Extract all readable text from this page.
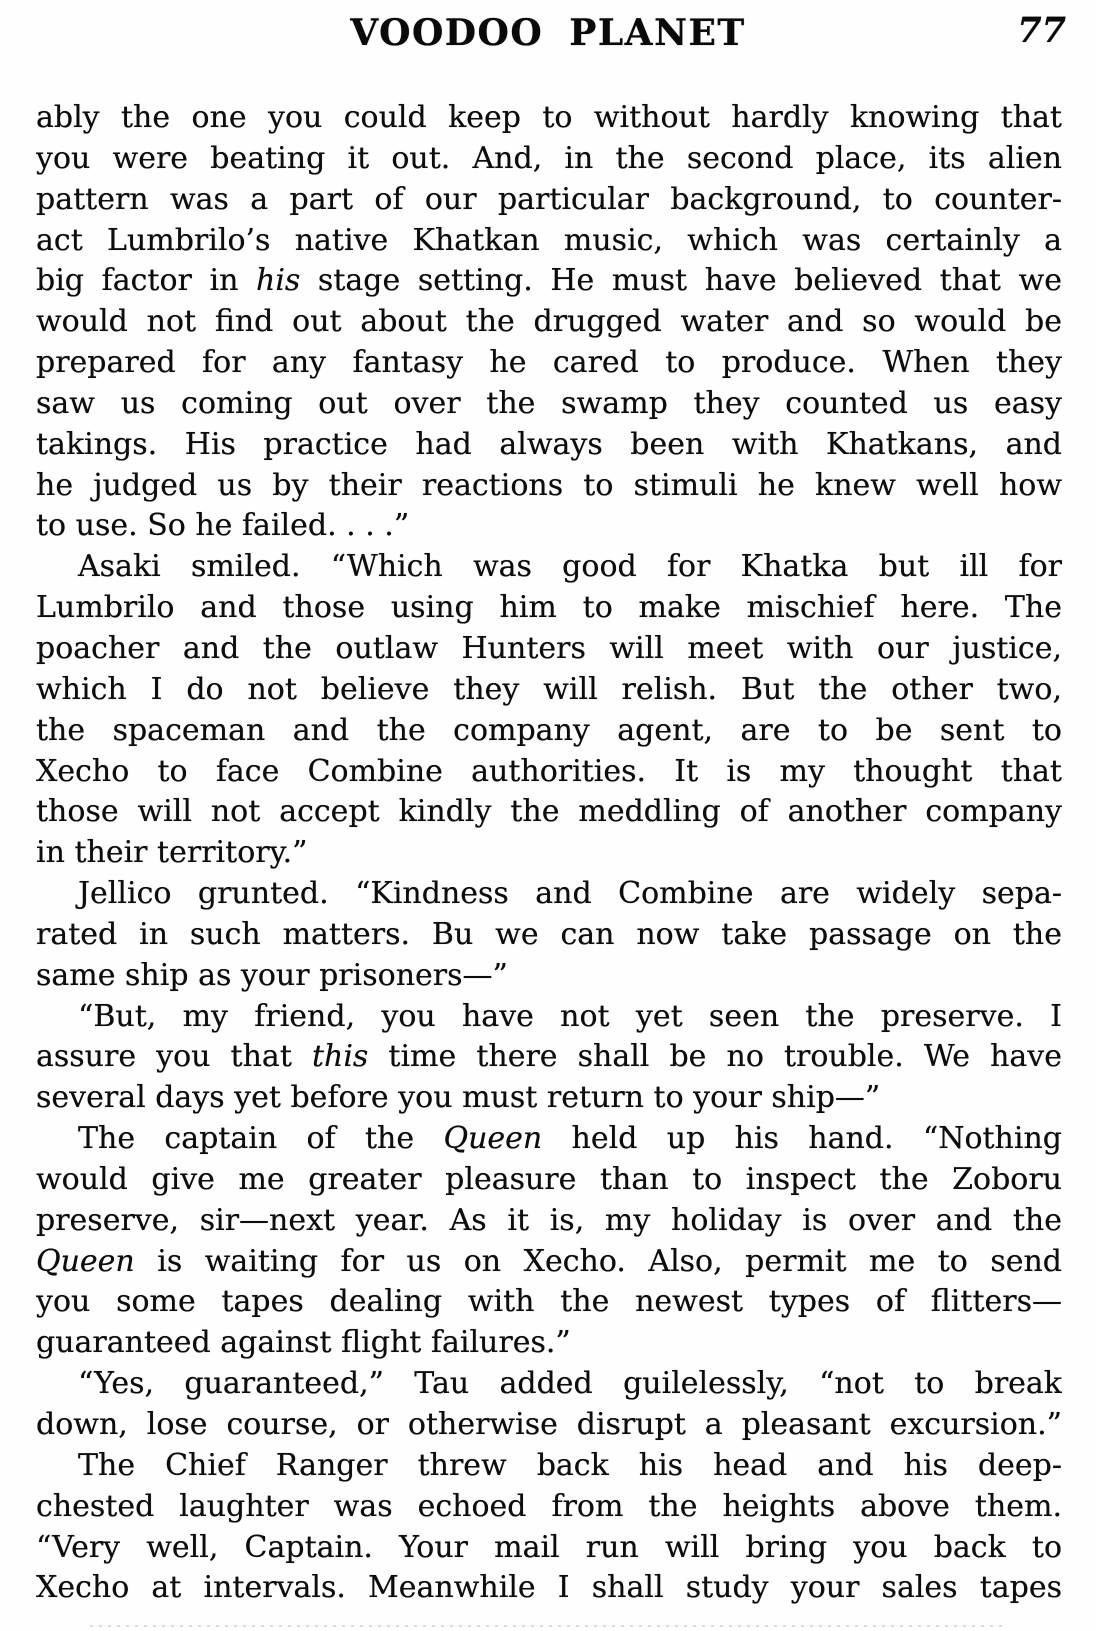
VOODOO PLANET	77
ably the one you could keep to without hardly knowing that
you were beating it out. And, in the second place, its alien
pattern was a part of our particular background, to counter-
act Lumbrilo’s native Khatkan music, which was certainly a
big factor in his stage setting. He must have believed that we
would not find out about the drugged water and so would be
prepared for any fantasy he cared to produce. When they
saw us coming out over the swamp they counted us easy
takings. His practice had always been with Khatkans, and
he judged us by their reactions to stimuli he knew well how
to use. So he failed. . . .”
Asaki smiled. “Which was good for Khatka but ill for
Lumbrilo and those using him to make mischief here. The
poacher and the outlaw Hunters will meet with our justice,
which I do not believe they will relish. But the other two,
the spaceman and the company agent, are to be sent to
Xecho to face Combine authorities. It is my thought that
those will not accept kindly the meddling of another company
in their territory.”
Jellico grunted. “Kindness and Combine are widely sepa-
rated in such matters. Bu we can now take passage on the
same ship as your prisoners—”
“But, my friend, you have not yet seen the preserve. I
assure you that this time there shall be no trouble. We have
several days yet before you must return to your ship—”
The captain of the Queen held up his hand. “Nothing
would give me greater pleasure than to inspect the Zoboru
preserve, sir—next year. As it is, my holiday is over and the
Queen is waiting for us on Xecho. Also, permit me to send
you some tapes dealing with the newest types of flitters—
guaranteed against flight failures.”
“Yes, guaranteed,” Tau added guilelessly, “not to break
down, lose course, or otherwise disrupt a pleasant excursion.”
The Chief Ranger threw back his head and his deep-
chested laughter was echoed from the heights above them.
“Very well, Captain. Your mail run will bring you back to
Xecho at intervals. Meanwhile I shall study your sales tapes
